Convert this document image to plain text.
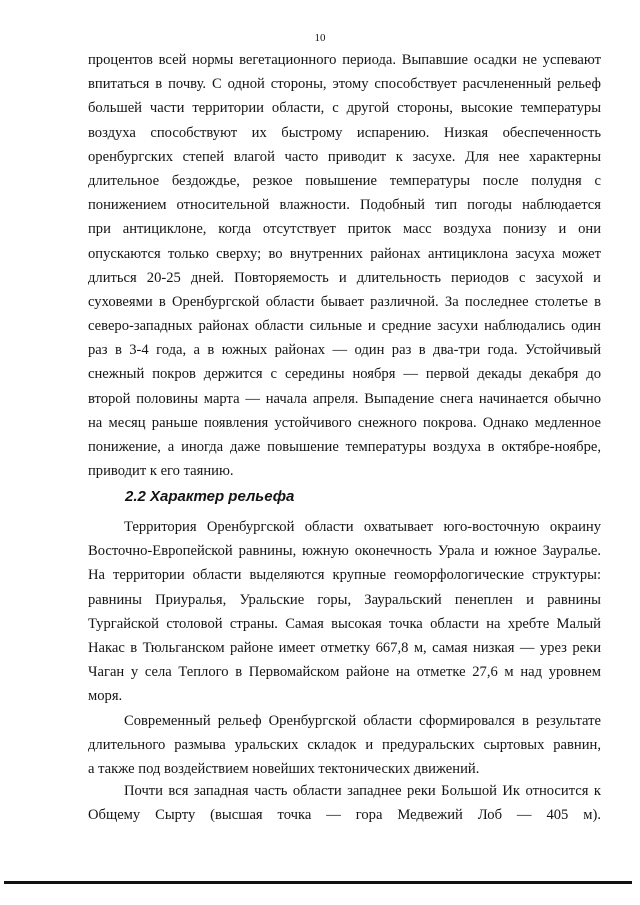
10
процентов всей нормы вегетационного периода. Выпавшие осадки не успевают
впитаться в почву. С одной стороны, этому способствует расчлененный рельеф
большей части территории области, с другой стороны, высокие температуры
воздуха способствуют их быстрому испарению. Низкая обеспеченность
оренбургских степей влагой часто приводит к засухе. Для нее характерны
длительное бездождье, резкое повышение температуры после полудня с
понижением относительной влажности. Подобный тип погоды наблюдается
при антициклоне, когда отсутствует приток масс воздуха понизу и они
опускаются только сверху; во внутренних районах антициклона засуха может
длиться 20-25 дней. Повторяемость и длительность периодов с засухой и
суховеями в Оренбургской области бывает различной. За последнее столетье в
северо-западных районах области сильные и средние засухи наблюдались один
раз в 3-4 года, а в южных районах — один раз в два-три года. Устойчивый
снежный покров держится с середины ноября — первой декады декабря до
второй половины марта — начала апреля. Выпадение снега начинается обычно
на месяц раньше появления устойчивого снежного покрова. Однако медленное
понижение, а иногда даже повышение температуры воздуха в октябре-ноябре,
приводит к его таянию.
2.2 Характер рельефа
Территория Оренбургской области охватывает юго-восточную окраину
Восточно-Европейской равнины, южную оконечность Урала и южное Зауралье.
На территории области выделяются крупные геоморфологические структуры:
равнины Приуралья, Уральские горы, Зауральский пенеплен и равнины
Тургайской столовой страны. Самая высокая точка области на хребте Малый
Накас в Тюльганском районе имеет отметку 667,8 м, самая низкая — урез реки
Чаган у села Теплого в Первомайском районе на отметке 27,6 м над уровнем
моря.
Современный рельеф Оренбургской области сформировался в результате
длительного размыва уральских складок и предуральских сыртовых равнин,
а также под воздействием новейших тектонических движений.
Почти вся западная часть области западнее реки Большой Ик относится к
Общему Сырту (высшая точка — гора Медвежий Лоб — 405 м).
